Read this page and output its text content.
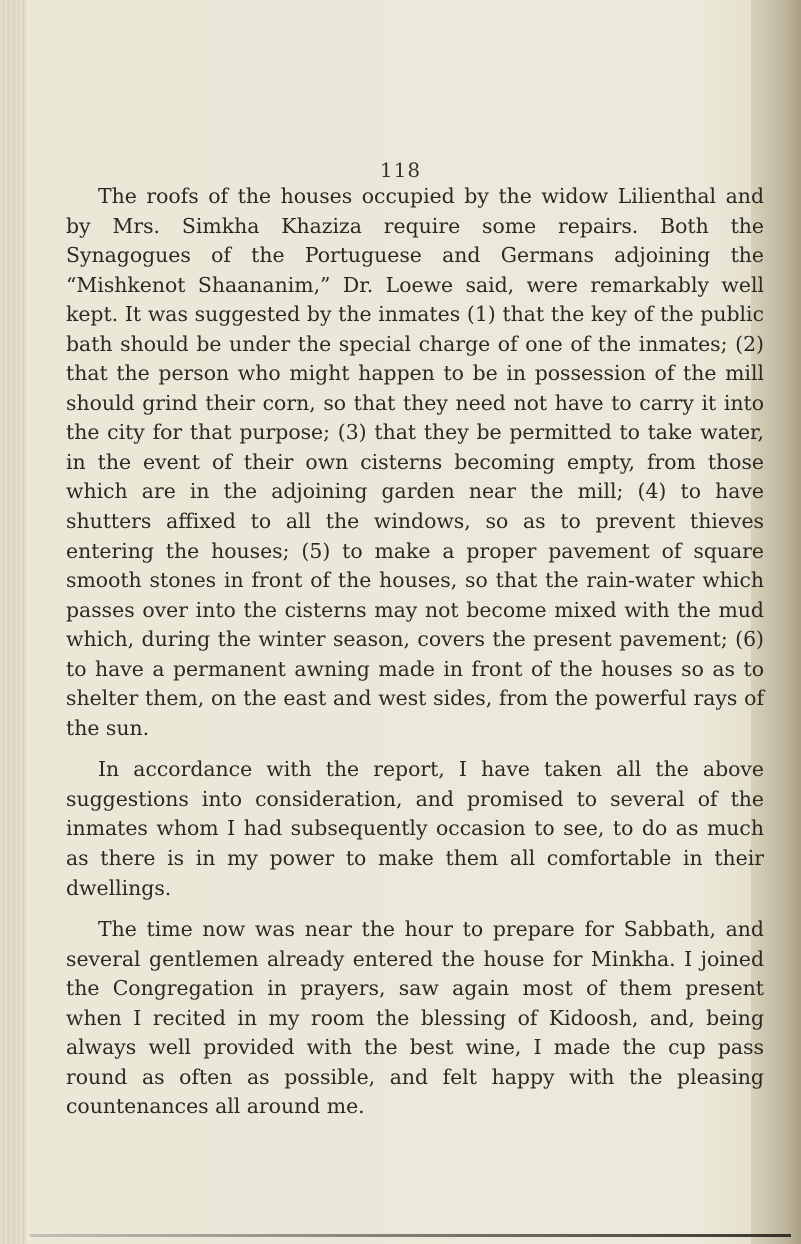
118

The roofs of the houses occupied by the widow Lilienthal and by Mrs. Simkha Khaziza require some repairs. Both the Synagogues of the Portuguese and Germans adjoining the “Mishkenot Shaananim,” Dr. Loewe said, were remarkably well kept. It was suggested by the inmates (1) that the key of the public bath should be under the special charge of one of the inmates; (2) that the person who might happen to be in possession of the mill should grind their corn, so that they need not have to carry it into the city for that purpose; (3) that they be permitted to take water, in the event of their own cisterns becoming empty, from those which are in the adjoining garden near the mill; (4) to have shutters affixed to all the windows, so as to prevent thieves entering the houses; (5) to make a proper pavement of square smooth stones in front of the houses, so that the rain-water which passes over into the cisterns may not become mixed with the mud which, during the winter season, covers the present pavement; (6) to have a permanent awning made in front of the houses so as to shelter them, on the east and west sides, from the powerful rays of the sun.

In accordance with the report, I have taken all the above suggestions into consideration, and promised to several of the inmates whom I had subsequently occasion to see, to do as much as there is in my power to make them all comfortable in their dwellings.

The time now was near the hour to prepare for Sabbath, and several gentlemen already entered the house for Minkha. I joined the Congregation in prayers, saw again most of them present when I recited in my room the blessing of Kidoosh, and, being always well provided with the best wine, I made the cup pass round as often as possible, and felt happy with the pleasing countenances all around me.
